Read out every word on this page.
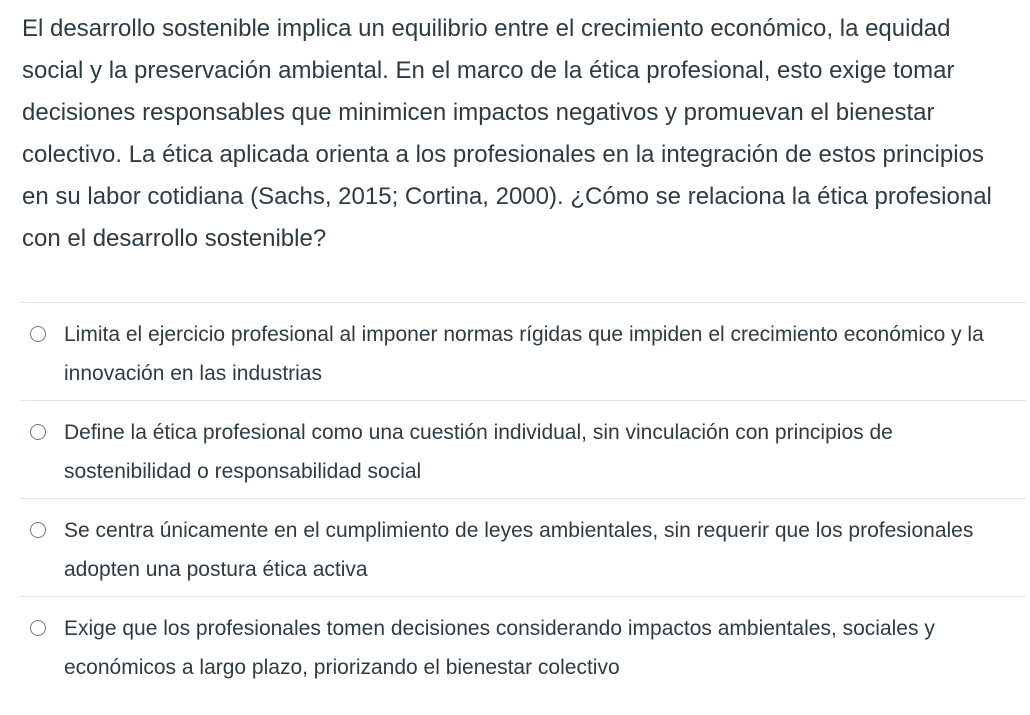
El desarrollo sostenible implica un equilibrio entre el crecimiento económico, la equidad social y la preservación ambiental. En el marco de la ética profesional, esto exige tomar decisiones responsables que minimicen impactos negativos y promuevan el bienestar colectivo. La ética aplicada orienta a los profesionales en la integración de estos principios en su labor cotidiana (Sachs, 2015; Cortina, 2000). ¿Cómo se relaciona la ética profesional con el desarrollo sostenible?

Limita el ejercicio profesional al imponer normas rígidas que impiden el crecimiento económico y la innovación en las industrias
Define la ética profesional como una cuestión individual, sin vinculación con principios de sostenibilidad o responsabilidad social
Se centra únicamente en el cumplimiento de leyes ambientales, sin requerir que los profesionales adopten una postura ética activa
Exige que los profesionales tomen decisiones considerando impactos ambientales, sociales y económicos a largo plazo, priorizando el bienestar colectivo
